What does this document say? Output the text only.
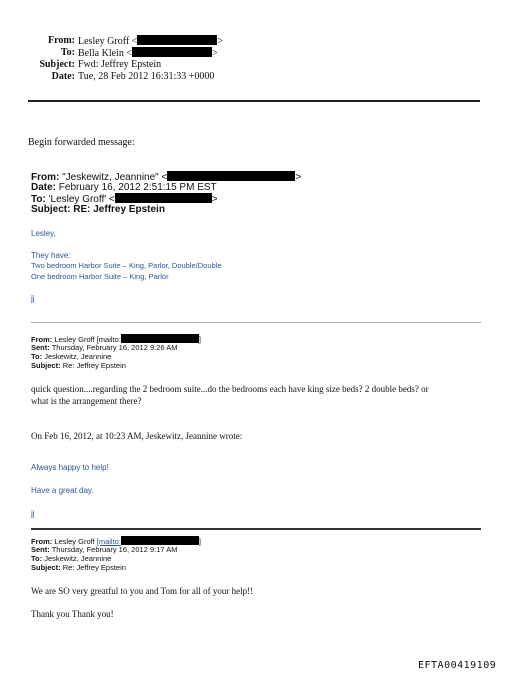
From: Lesley Groff <	>
To: Bella Klein <	>
Subject: Fwd: Jeffrey Epstein
Date: Tue, 28 Feb 2012 16:31:33 +0000
Begin forwarded message:
From: "Jeskewitz, Jeannine" <	>
Date: February 16, 2012 2:51:15 PM EST
To: 'Lesley Groff' <	>
Subject: RE: Jeffrey Epstein
Lesley,
They have:
Two bedroom Harbor Suite – King, Parlor, Double/Double
One bedroom Harbor Suite – King, Parlor
jj
From: Lesley Groff [mailto:	]
Sent: Thursday, February 16, 2012 9:26 AM
To: Jeskewitz, Jeannine
Subject: Re: Jeffrey Epstein
quick question....regarding the 2 bedroom suite...do the bedrooms each have king size beds? 2 double beds? or
what is the arrangement there?
On Feb 16, 2012, at 10:23 AM, Jeskewitz, Jeannine wrote:
Always happy to help!
Have a great day.
jj
From: Lesley Groff [mailto:	]
Sent: Thursday, February 16, 2012 9:17 AM
To: Jeskewitz, Jeannine
Subject: Re: Jeffrey Epstein
We are SO very greatful to you and Tom for all of your help!!
Thank you Thank you!
EFTA00419109
